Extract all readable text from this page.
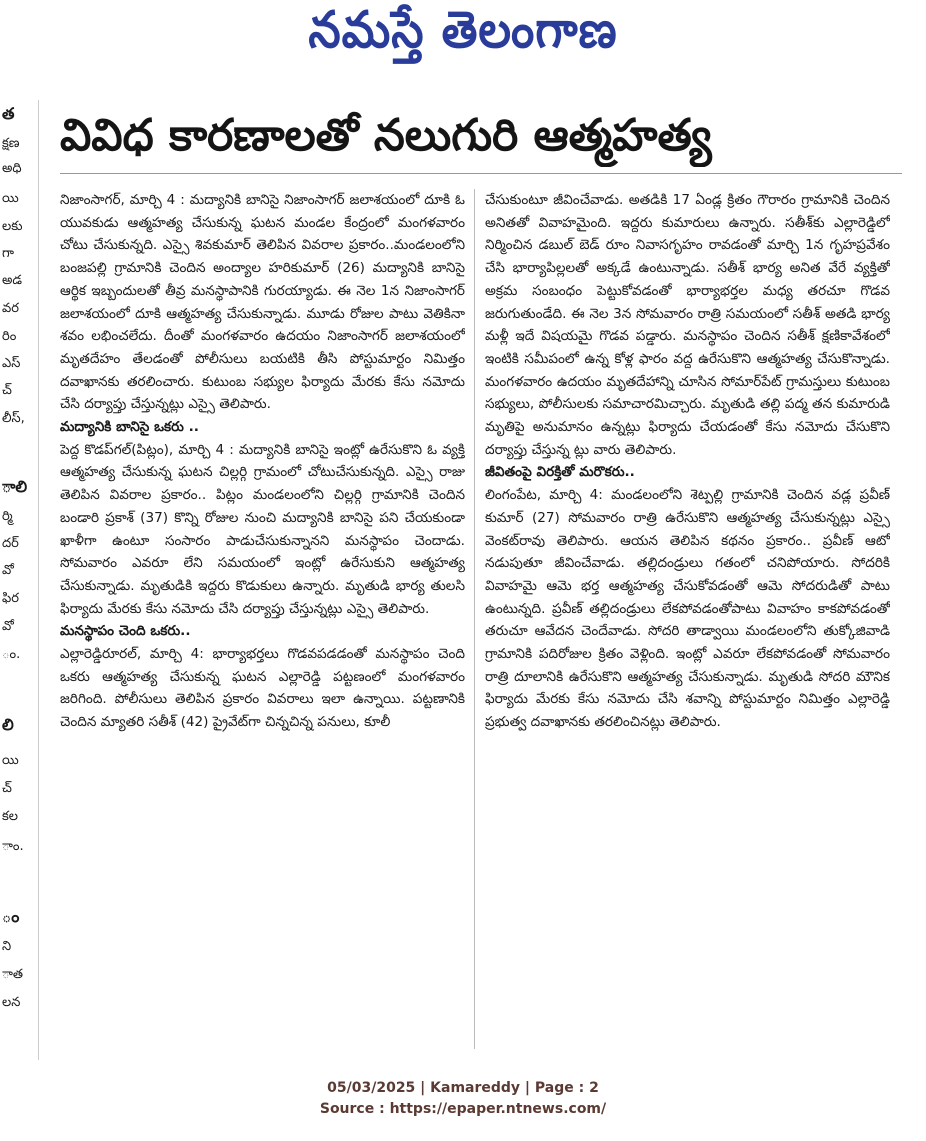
నమస్తే తెలంగాణ
త
క్షణ
అధి
యి
లకు
గా
అడ
వర
రిం
ఎస్
చ్
లీస్,
ాలి
ర్మి
దర్
వో
ఫిర
వో
ం.
లి
యి
చ్
కల
ాం.
ం
ని
ాత
లన
వివిధ కారణాలతో నలుగురి ఆత్మహత్య

నిజాంసాగర్, మార్చి 4 : మద్యానికి బానిసై నిజాంసాగర్ జలాశయంలో దూకి ఓ యువకుడు ఆత్మహత్య చేసుకున్న ఘటన మండల కేంద్రంలో మంగళవారం చోటు చేసుకున్నది. ఎస్సై శివకుమార్ తెలిపిన వివరాల ప్రకారం..మండలంలోని బంజపల్లి గ్రామానికి చెందిన అంద్యాల హరికుమార్ (26) మద్యానికి బానిసై ఆర్థిక ఇబ్బందులతో తీవ్ర మనస్థాపానికి గురయ్యాడు. ఈ నెల 1న నిజాంసాగర్ జలాశయంలో దూకి ఆత్మహత్య చేసుకున్నాడు. మూడు రోజుల పాటు వెతికినా శవం లభించలేదు. దీంతో మంగళవారం ఉదయం నిజాంసాగర్ జలాశయంలో మృతదేహం తేలడంతో పోలీసులు బయటికి తీసి పోస్టుమార్టం నిమిత్తం దవాఖానకు తరలించారు. కుటుంబ సభ్యుల ఫిర్యాదు మేరకు కేసు నమోదు చేసి దర్యాప్తు చేస్తున్నట్లు ఎస్సై తెలిపారు.

మద్యానికి బానిసై ఒకరు ..

పెద్ద కొడప్‌గల్(పిట్లం), మార్చి 4 : మద్యానికి బానిసై ఇంట్లో ఉరేసుకొని ఓ వ్యక్తి ఆత్మహత్య చేసుకున్న ఘటన చిల్లర్గి గ్రామంలో చోటుచేసుకున్నది. ఎస్సై రాజు తెలిపిన వివరాల ప్రకారం.. పిట్లం మండలంలోని చిల్లర్గి గ్రామానికి చెందిన బండారి ప్రకాశ్ (37) కొన్ని రోజుల నుంచి మద్యానికి బానిసై పని చేయకుండా ఖాళీగా ఉంటూ సంసారం పాడుచేసుకున్నానని మనస్థాపం చెందాడు. సోమవారం ఎవరూ లేని సమయంలో ఇంట్లో ఉరేసుకుని ఆత్మహత్య చేసుకున్నాడు. మృతుడికి ఇద్దరు కొడుకులు ఉన్నారు. మృతుడి భార్య తులసి ఫిర్యాదు మేరకు కేసు నమోదు చేసి దర్యాప్తు చేస్తున్నట్లు ఎస్సై తెలిపారు.

మనస్థాపం చెంది ఒకరు..

ఎల్లారెడ్డిరూరల్, మార్చి 4: భార్యాభర్తలు గొడవపడడంతో మనస్థాపం చెంది ఒకరు ఆత్మహత్య చేసుకున్న ఘటన ఎల్లారెడ్డి పట్టణంలో మంగళవారం జరిగింది. పోలీసులు తెలిపిన ప్రకారం వివరాలు ఇలా ఉన్నాయి. పట్టణానికి చెందిన మ్యాతరి సతీశ్ (42) ప్రైవేట్‌గా చిన్నచిన్న పనులు, కూలీ

చేసుకుంటూ జీవించేవాడు. అతడికి 17 ఏండ్ల క్రితం గౌరారం గ్రామానికి చెందిన అనితతో వివాహమైంది. ఇద్దరు కుమారులు ఉన్నారు. సతీశ్‌కు ఎల్లారెడ్డిలో నిర్మించిన డబుల్ బెడ్ రూం నివాసగృహం రావడంతో మార్చి 1న గృహప్రవేశం చేసి భార్యాపిల్లలతో అక్కడే ఉంటున్నాడు. సతీశ్ భార్య అనిత వేరే వ్యక్తితో అక్రమ సంబంధం పెట్టుకోవడంతో భార్యాభర్తల మధ్య తరచూ గొడవ జరుగుతుండేది. ఈ నెల 3న సోమవారం రాత్రి సమయంలో సతీశ్ అతడి భార్య మళ్లీ ఇదే విషయమై గొడవ పడ్డారు. మనస్థాపం చెందిన సతీశ్ క్షణికావేశంలో ఇంటికి సమీపంలో ఉన్న కోళ్ల ఫారం వద్ద ఉరేసుకొని ఆత్మహత్య చేసుకొన్నాడు. మంగళవారం ఉదయం మృతదేహాన్ని చూసిన సోమార్‌పేట్ గ్రామస్తులు కుటుంబ సభ్యులు, పోలీసులకు సమాచారమిచ్చారు. మృతుడి తల్లి పద్మ తన కుమారుడి మృతిపై అనుమానం ఉన్నట్లు ఫిర్యాదు చేయడంతో కేసు నమోదు చేసుకొని దర్యాప్తు చేస్తున్న ట్లు వారు తెలిపారు.

జీవితంపై విరక్తితో మరొకరు..

లింగంపేట, మార్చి 4: మండలంలోని శెట్పల్లి గ్రామానికి చెందిన వడ్ల ప్రవీణ్ కుమార్ (27) సోమవారం రాత్రి ఉరేసుకొని ఆత్మహత్య చేసుకున్నట్లు ఎస్సై వెంకట్‌రావు తెలిపారు. ఆయన తెలిపిన కథనం ప్రకారం.. ప్రవీణ్ ఆటో నడుపుతూ జీవించేవాడు. తల్లిదండ్రులు గతంలో చనిపోయారు. సోదరికి వివాహమై ఆమె భర్త ఆత్మహత్య చేసుకోవడంతో ఆమె సోదరుడితో పాటు ఉంటున్నది. ప్రవీణ్ తల్లిదండ్రులు లేకపోవడంతోపాటు వివాహం కాకపోవడంతో తరుచూ ఆవేదన చెందేవాడు. సోదరి తాడ్వాయి మండలంలోని తుక్కోజివాడి గ్రామానికి పదిరోజుల క్రితం వెళ్లింది. ఇంట్లో ఎవరూ లేకపోవడంతో సోమవారం రాత్రి దూలానికి ఉరేసుకొని ఆత్మహత్య చేసుకున్నాడు. మృతుడి సోదరి మౌనిక ఫిర్యాదు మేరకు కేసు నమోదు చేసి శవాన్ని పోస్టుమార్టం నిమిత్తం ఎల్లారెడ్డి ప్రభుత్వ దవాఖానకు తరలించినట్లు తెలిపారు.

05/03/2025 | Kamareddy | Page : 2
Source : https://epaper.ntnews.com/
